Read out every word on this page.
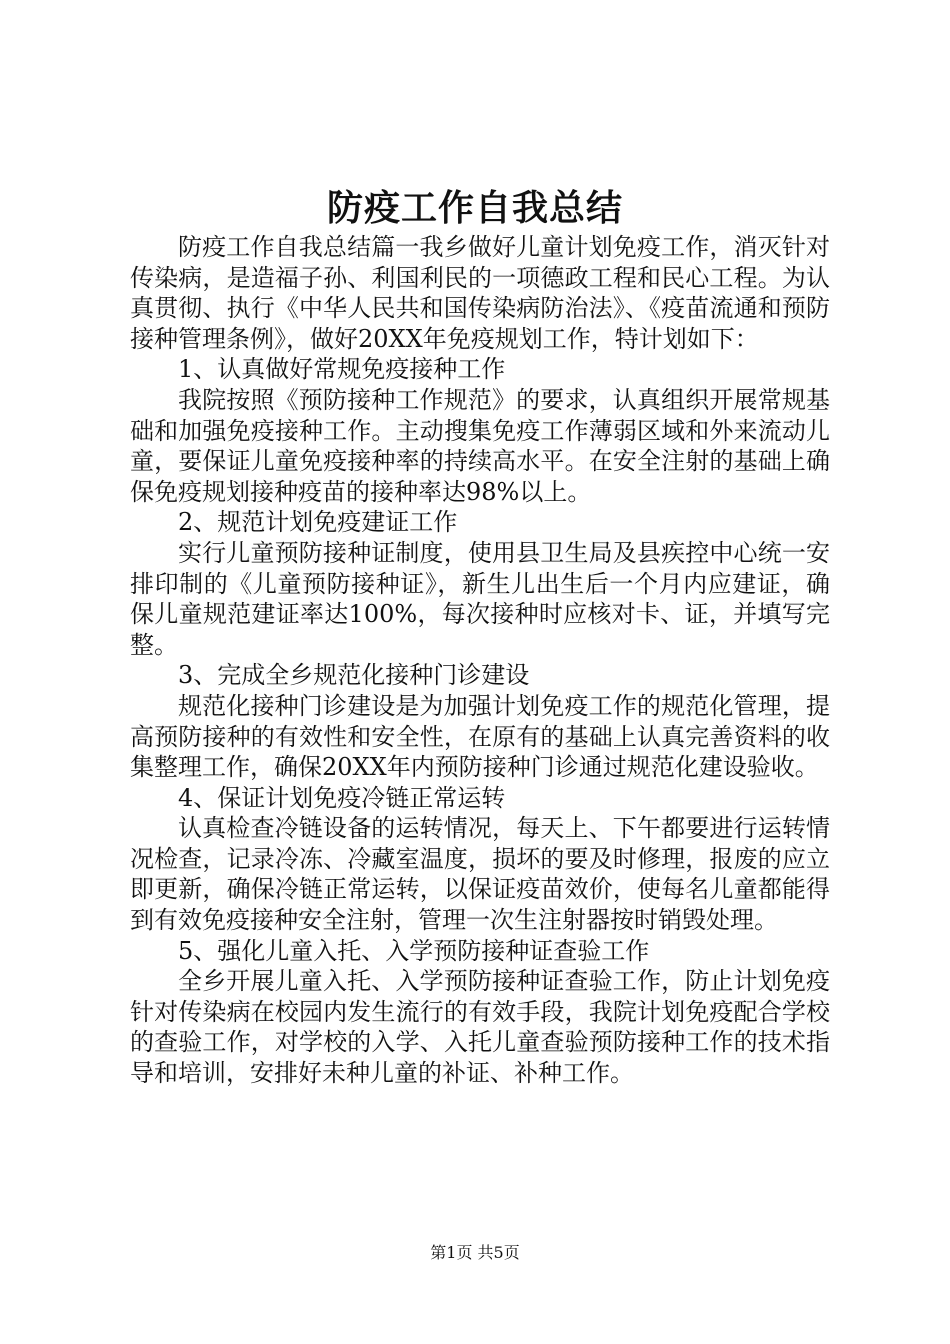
防疫工作自我总结

防疫工作自我总结篇一我乡做好儿童计划免疫工作，消灭针对传染病，是造福子孙、利国利民的一项德政工程和民心工程。为认真贯彻、执行《中华人民共和国传染病防治法》、《疫苗流通和预防接种管理条例》，做好20XX年免疫规划工作，特计划如下：

1、认真做好常规免疫接种工作

我院按照《预防接种工作规范》的要求，认真组织开展常规基础和加强免疫接种工作。主动搜集免疫工作薄弱区域和外来流动儿童，要保证儿童免疫接种率的持续高水平。在安全注射的基础上确保免疫规划接种疫苗的接种率达98%以上。

2、规范计划免疫建证工作

实行儿童预防接种证制度，使用县卫生局及县疾控中心统一安排印制的《儿童预防接种证》，新生儿出生后一个月内应建证，确保儿童规范建证率达100%，每次接种时应核对卡、证，并填写完整。

3、完成全乡规范化接种门诊建设

规范化接种门诊建设是为加强计划免疫工作的规范化管理，提高预防接种的有效性和安全性，在原有的基础上认真完善资料的收集整理工作，确保20XX年内预防接种门诊通过规范化建设验收。

4、保证计划免疫冷链正常运转

认真检查冷链设备的运转情况，每天上、下午都要进行运转情况检查，记录冷冻、冷藏室温度，损坏的要及时修理，报废的应立即更新，确保冷链正常运转，以保证疫苗效价，使每名儿童都能得到有效免疫接种安全注射，管理一次生注射器按时销毁处理。

5、强化儿童入托、入学预防接种证查验工作

全乡开展儿童入托、入学预防接种证查验工作，防止计划免疫针对传染病在校园内发生流行的有效手段，我院计划免疫配合学校的查验工作，对学校的入学、入托儿童查验预防接种工作的技术指导和培训，安排好未种儿童的补证、补种工作。

第1页 共5页
